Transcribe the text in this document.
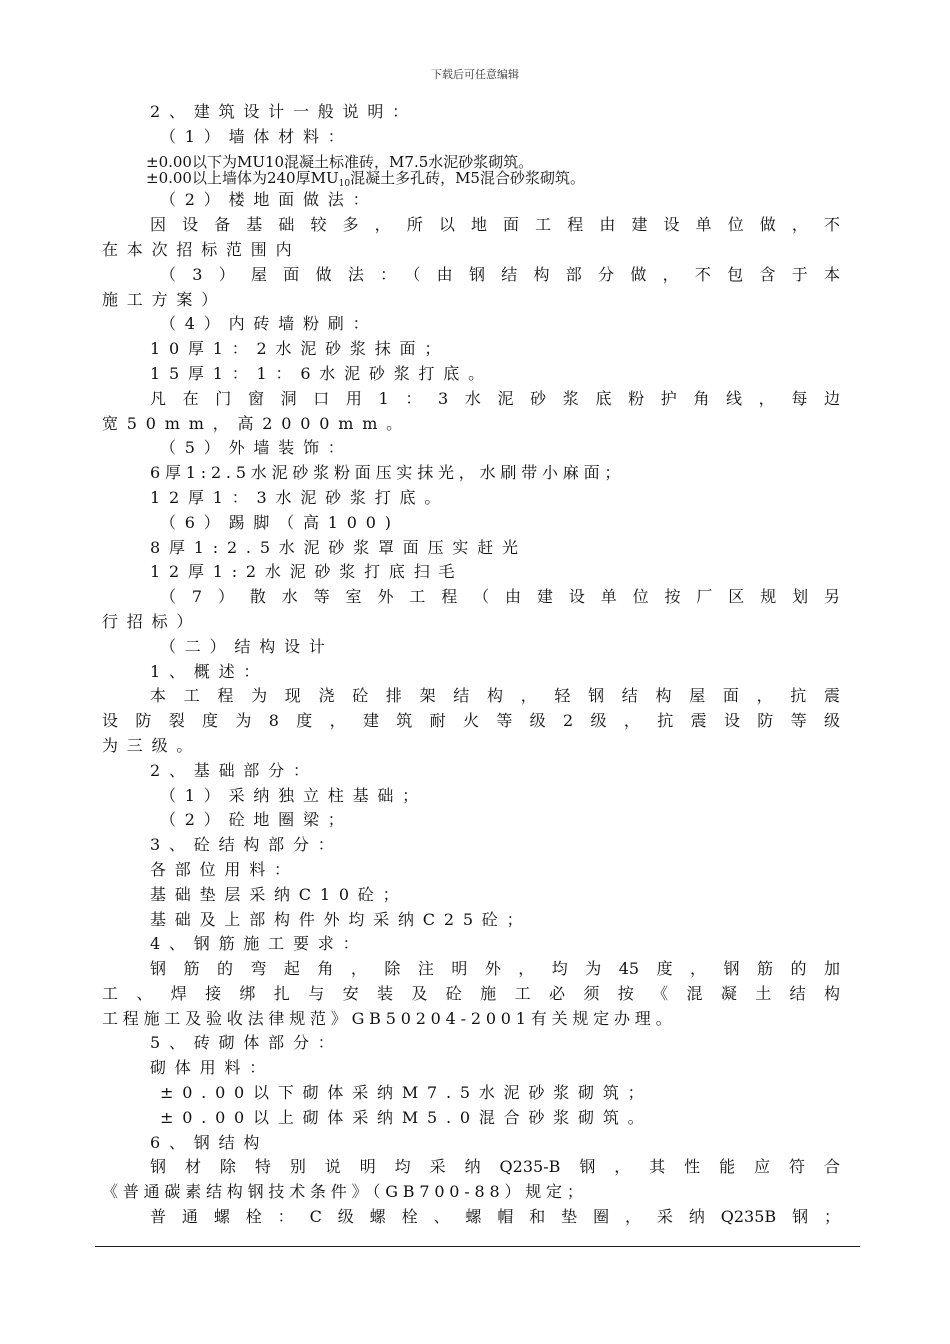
下载后可任意编辑
2、建筑设计一般说明：
（1）墙体材料：
±0.00以下为MU10混凝土标准砖，M7.5水泥砂浆砌筑。
±0.00以上墙体为240厚$MU_{10}$混凝土多孔砖，M5混合砂浆砌筑。
（2）楼地面做法：
因设备基础较多，所以地面工程由建设单位做，不
在本次招标范围内
（3）屋面做法：（由钢结构部分做，不包含于本
施工方案）
（4）内砖墙粉刷：
10厚1：2水泥砂浆抹面；
15厚1：1：6水泥砂浆打底。
凡在门窗洞口用1：3水泥砂浆底粉护角线，每边
宽50mm，高2000mm。
（5）外墙装饰：
6厚1:2.5水泥砂浆粉面压实抹光，水刷带小麻面；
12厚1：3水泥砂浆打底。
（6）踢脚（高100)
8厚1:2.5水泥砂浆罩面压实赶光
12厚1:2水泥砂浆打底扫毛
（7）散水等室外工程（由建设单位按厂区规划另
行招标）
（二）结构设计
1、概述：
本工程为现浇砼排架结构，轻钢结构屋面，抗震
设防裂度为8度，建筑耐火等级2级，抗震设防等级
为三级。
2、基础部分：
（1）采纳独立柱基础；
（2）砼地圈梁；
3、砼结构部分：
各部位用料：
基础垫层采纳C10砼；
基础及上部构件外均采纳C25砼；
4、钢筋施工要求：
钢筋的弯起角，除注明外，均为45度，钢筋的加
工、焊接绑扎与安装及砼施工必须按《混凝土结构
工程施工及验收法律规范》GB50204-2001有关规定办理。
5、砖砌体部分：
砌体用料：
±0.00以下砌体采纳M7.5水泥砂浆砌筑；
±0.00以上砌体采纳M5.0混合砂浆砌筑。
6、钢结构
钢材除特别说明均采纳Q235-B钢，其性能应符合
《普通碳素结构钢技术条件》（GB700-88）规定；
普通螺栓：C级螺栓、螺帽和垫圈，采纳Q235B钢；
